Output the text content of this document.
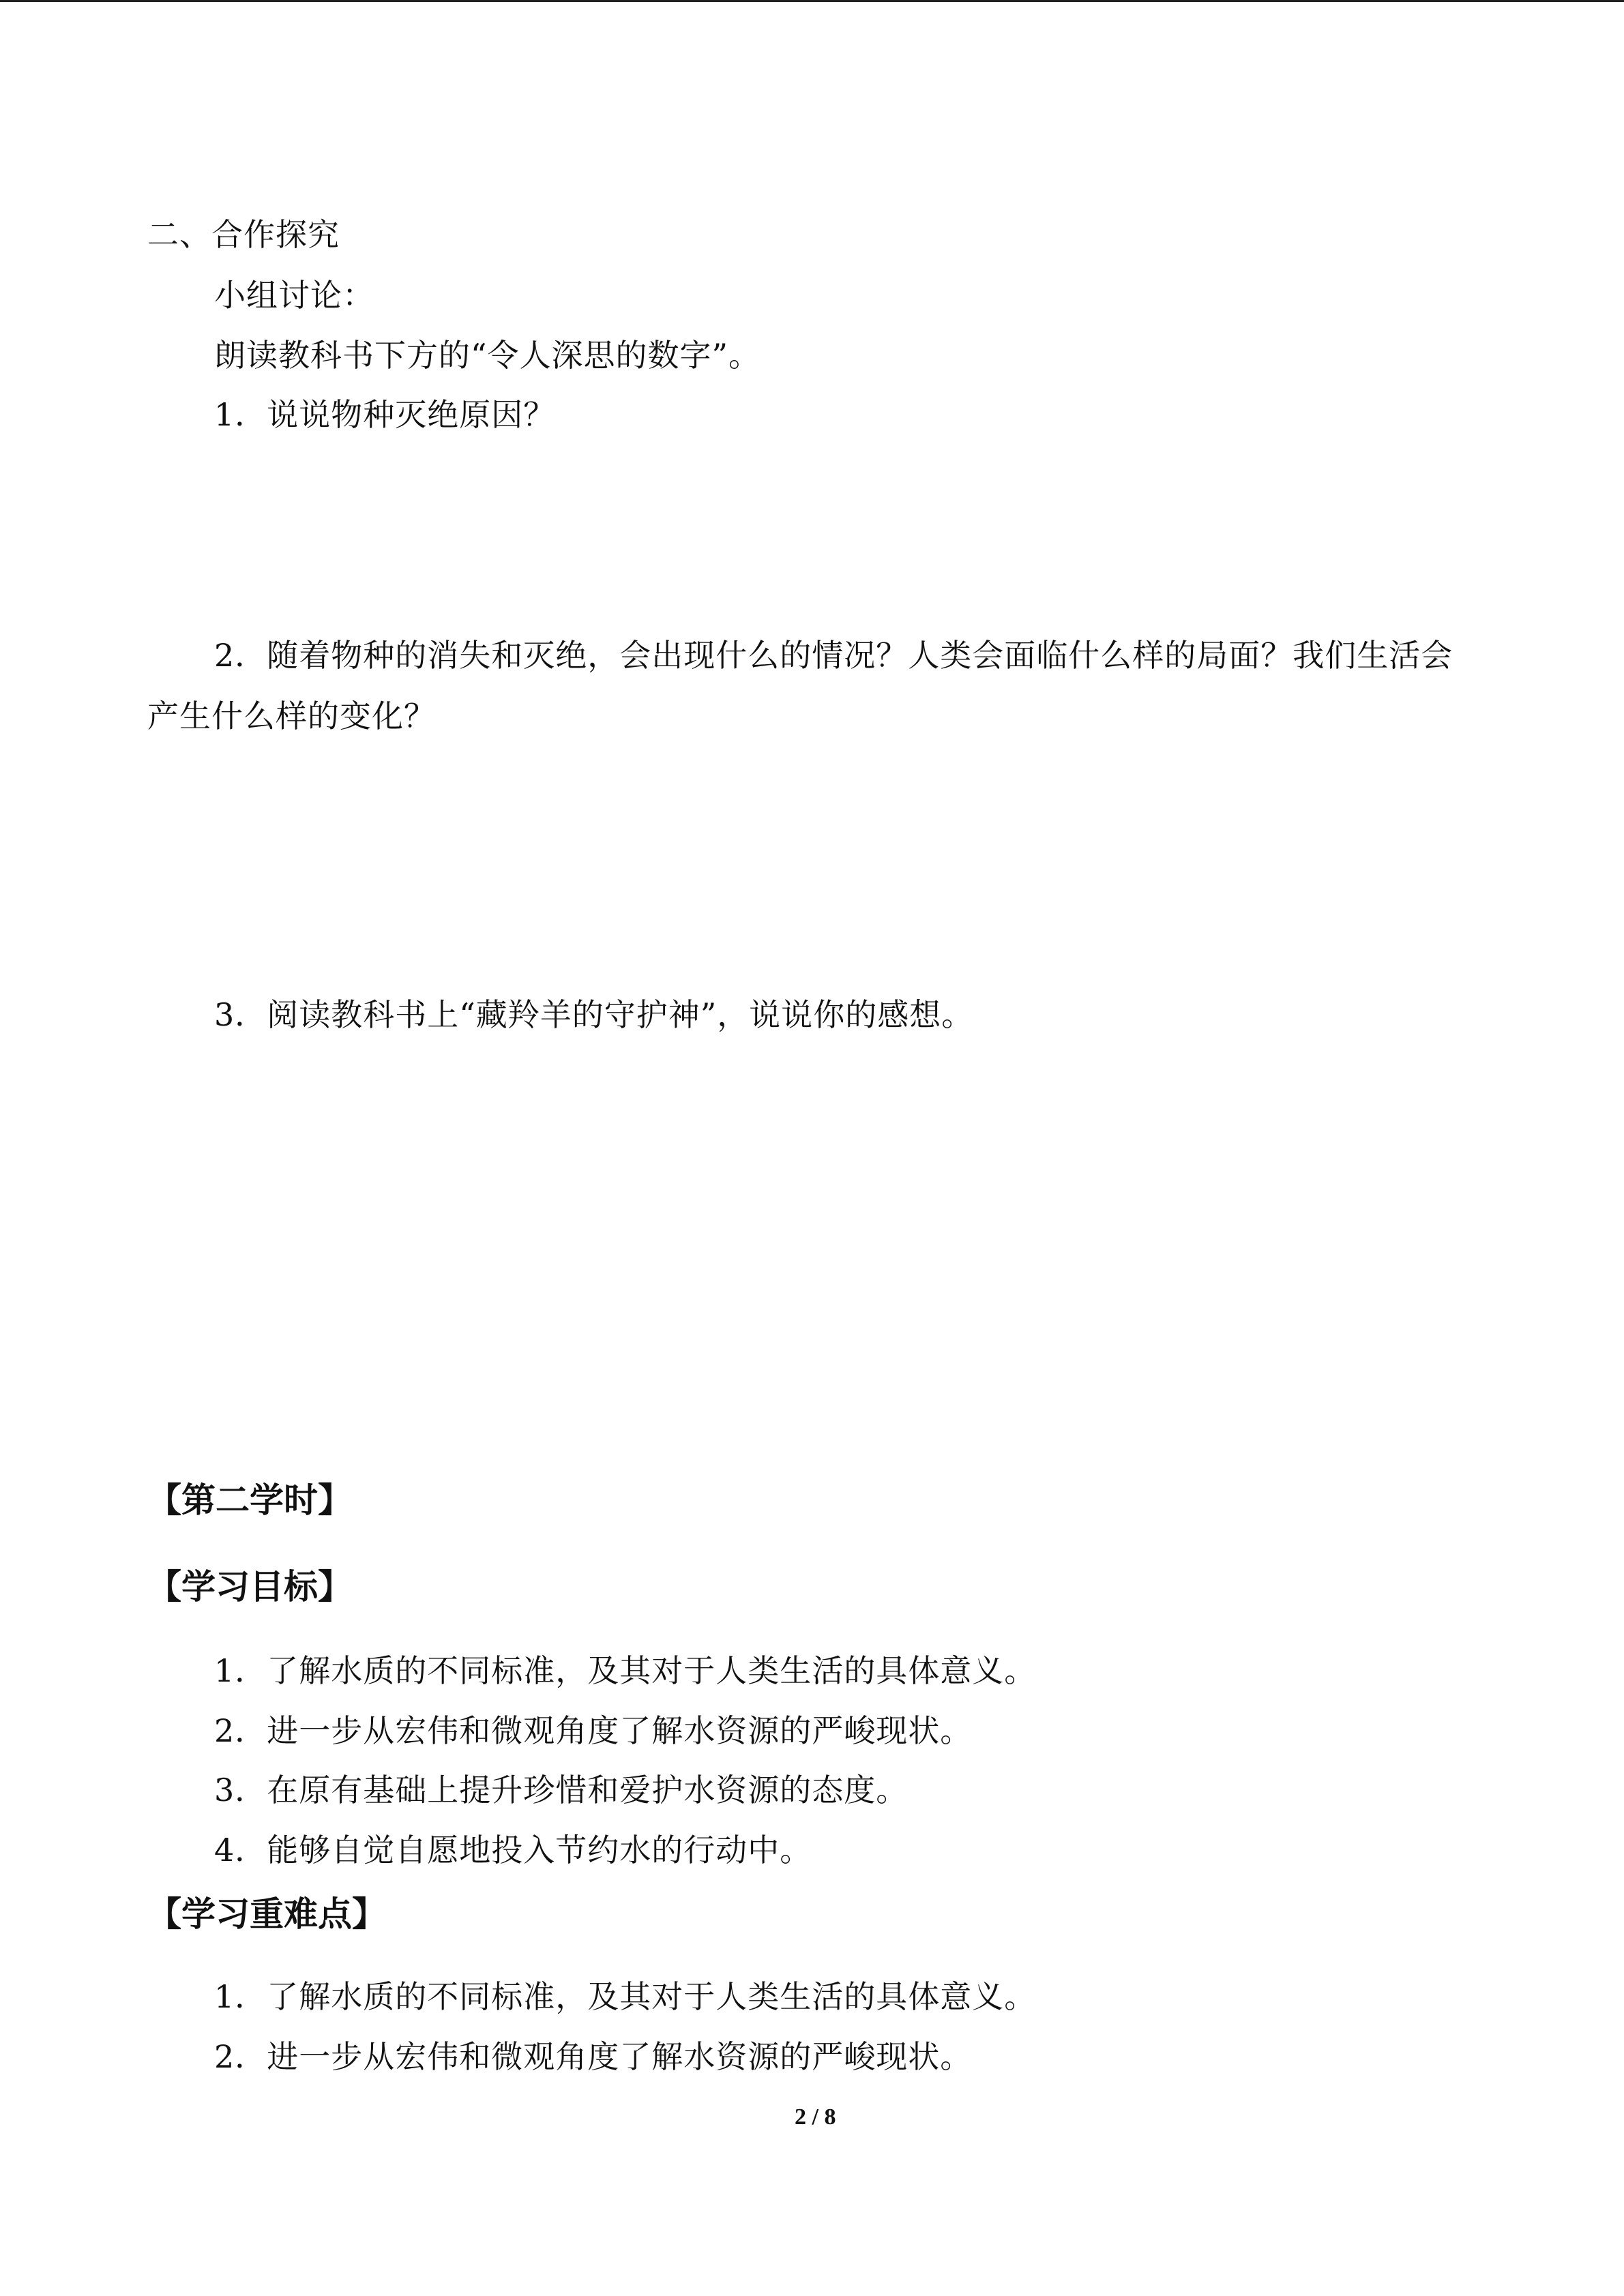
二、合作探究
小组讨论：
朗读教科书下方的“令人深思的数字”。
1．说说物种灭绝原因？
2．随着物种的消失和灭绝，会出现什么的情况？人类会面临什么样的局面？我们生活会
产生什么样的变化？
3．阅读教科书上“藏羚羊的守护神”，说说你的感想。
【第二学时】
【学习目标】
1．了解水质的不同标准，及其对于人类生活的具体意义。
2．进一步从宏伟和微观角度了解水资源的严峻现状。
3．在原有基础上提升珍惜和爱护水资源的态度。
4．能够自觉自愿地投入节约水的行动中。
【学习重难点】
1．了解水质的不同标准，及其对于人类生活的具体意义。
2．进一步从宏伟和微观角度了解水资源的严峻现状。
2 / 8
